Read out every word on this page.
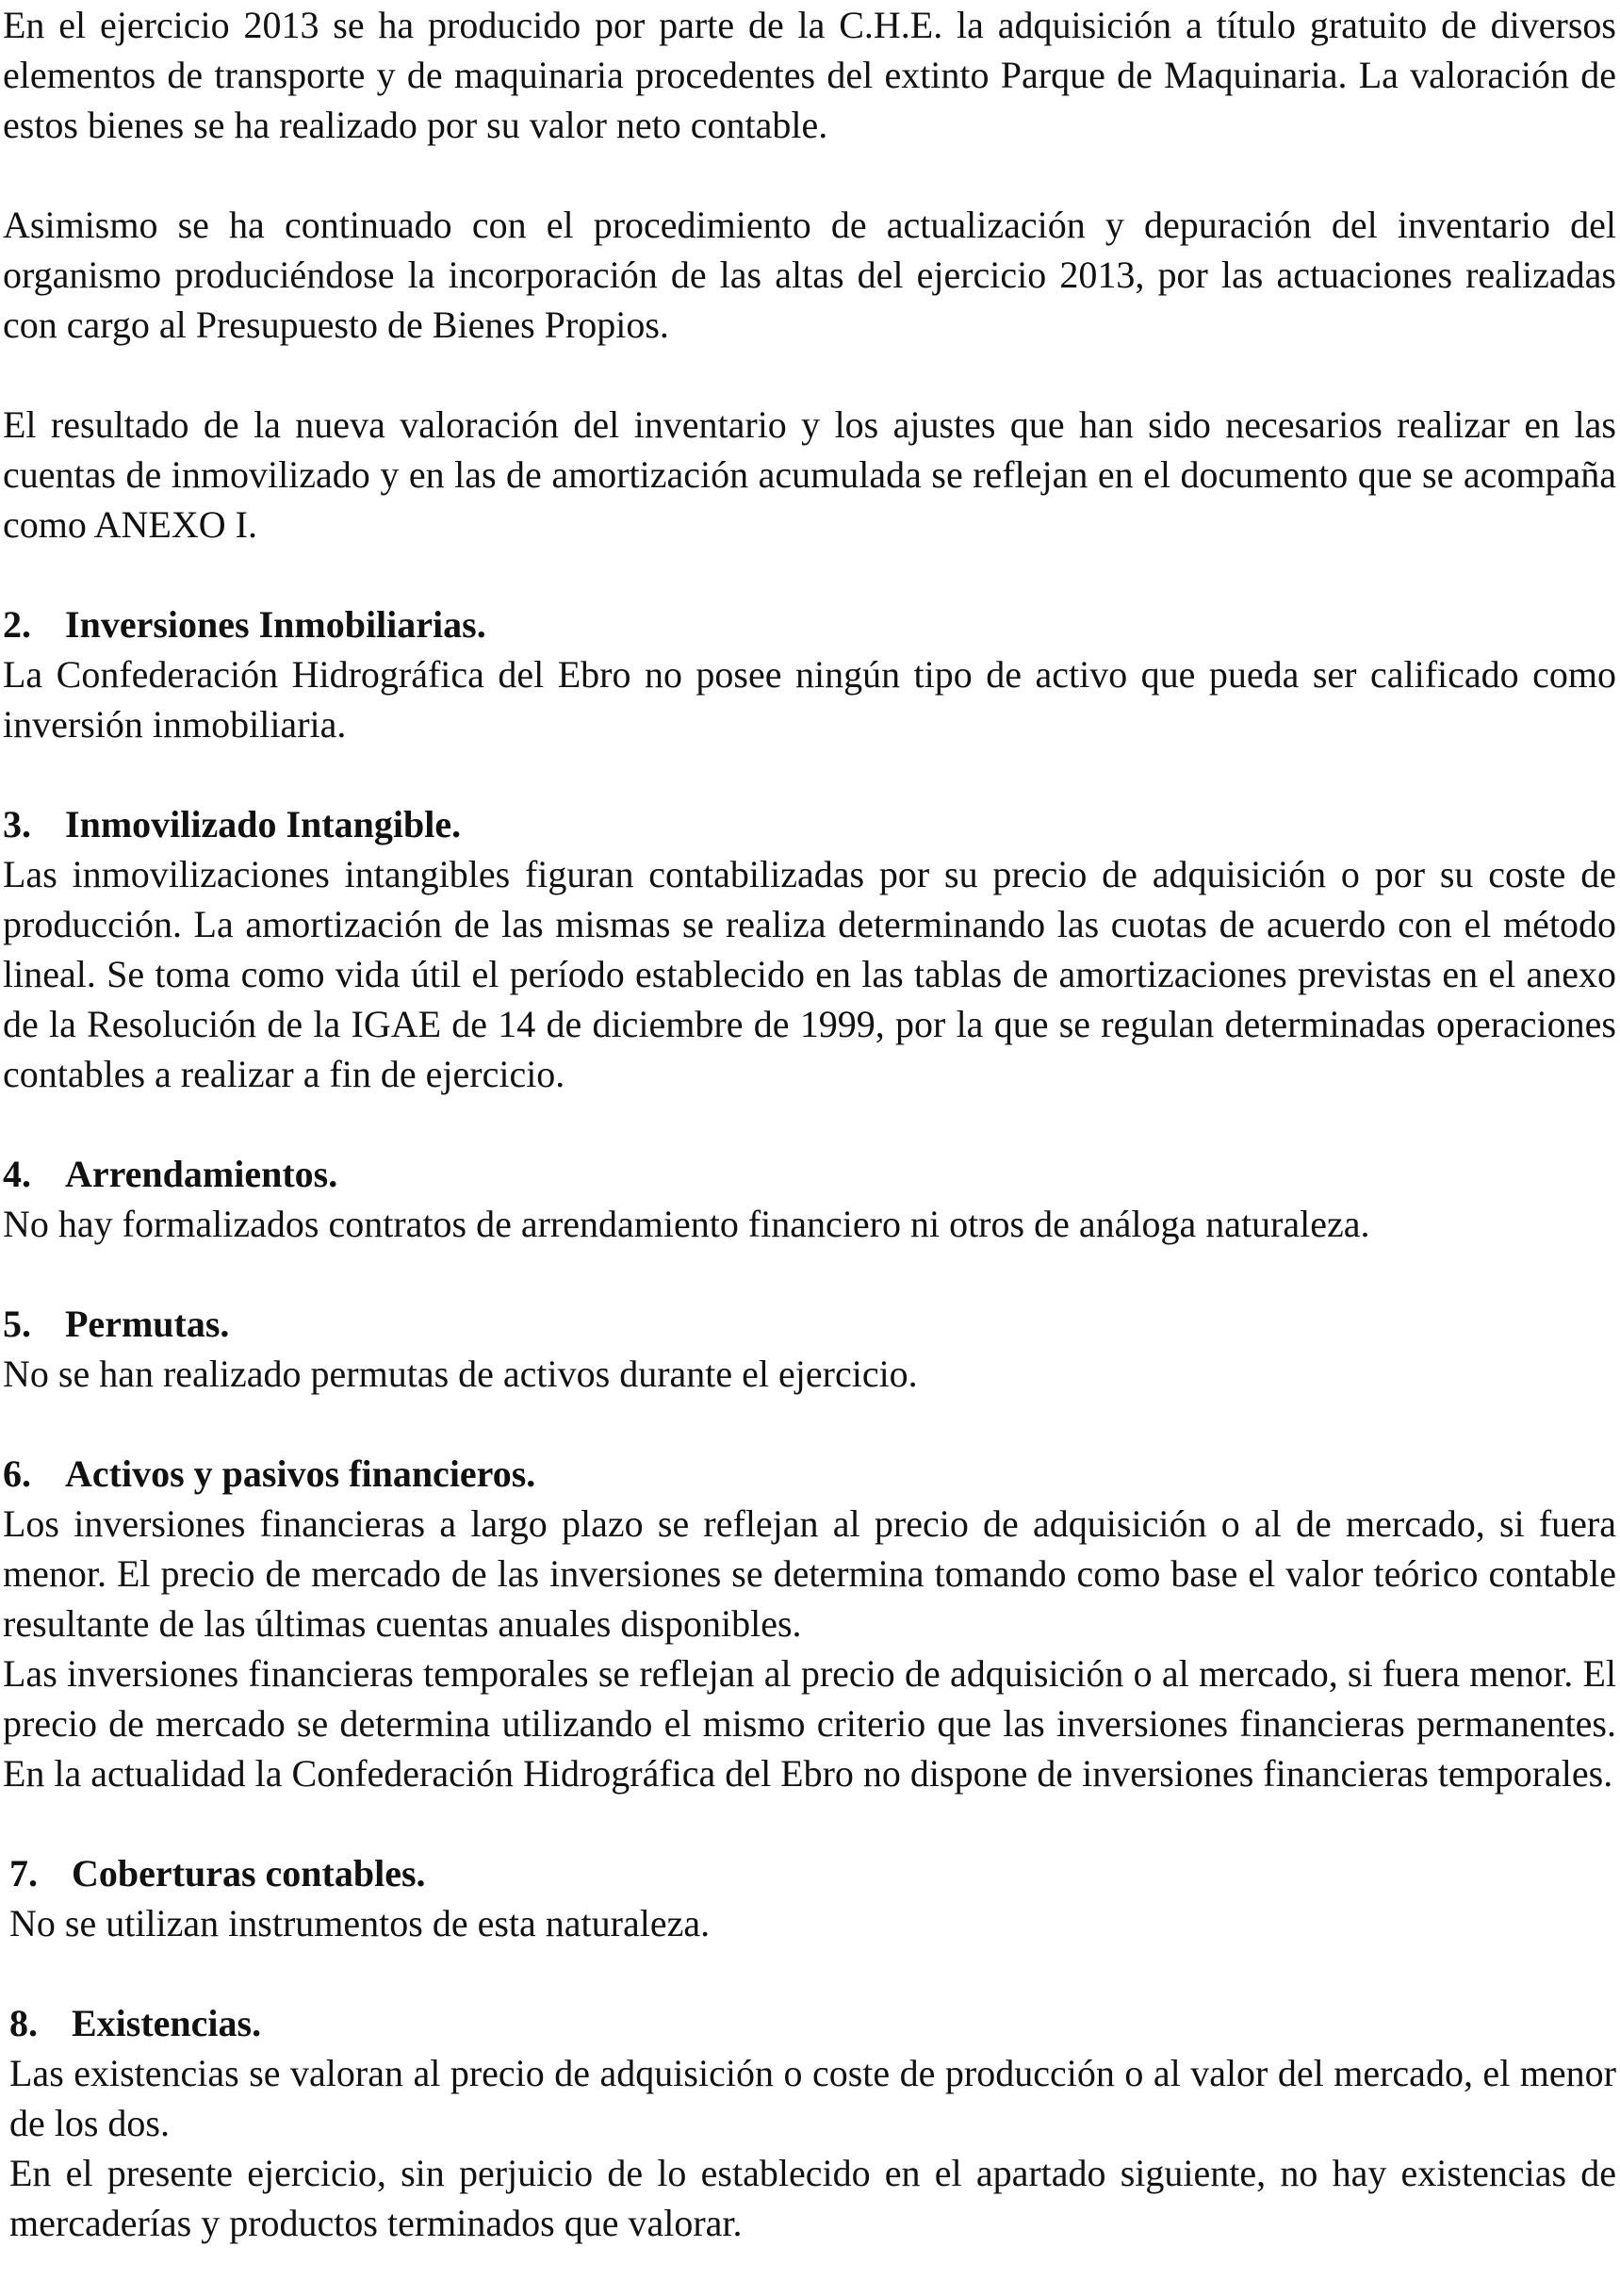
En el ejercicio 2013 se ha producido por parte de la C.H.E. la adquisición a título gratuito de diversos elementos de transporte y de maquinaria procedentes del extinto Parque de Maquinaria. La valoración de estos bienes se ha realizado por su valor neto contable.

Asimismo se ha continuado con el procedimiento de actualización y depuración del inventario del organismo produciéndose la incorporación de las altas del ejercicio 2013, por las actuaciones realizadas con cargo al Presupuesto de Bienes Propios.

El resultado de la nueva valoración del inventario y los ajustes que han sido necesarios realizar en las cuentas de inmovilizado y en las de amortización acumulada se reflejan en el documento que se acompaña como ANEXO I.

2. Inversiones Inmobiliarias.

La Confederación Hidrográfica del Ebro no posee ningún tipo de activo que pueda ser calificado como inversión inmobiliaria.

3. Inmovilizado Intangible.

Las inmovilizaciones intangibles figuran contabilizadas por su precio de adquisición o por su coste de producción. La amortización de las mismas se realiza determinando las cuotas de acuerdo con el método lineal. Se toma como vida útil el período establecido en las tablas de amortizaciones previstas en el anexo de la Resolución de la IGAE de 14 de diciembre de 1999, por la que se regulan determinadas operaciones contables a realizar a fin de ejercicio.

4. Arrendamientos.

No hay formalizados contratos de arrendamiento financiero ni otros de análoga naturaleza.

5. Permutas.

No se han realizado permutas de activos durante el ejercicio.

6. Activos y pasivos financieros.

Los inversiones financieras a largo plazo se reflejan al precio de adquisición o al de mercado, si fuera menor. El precio de mercado de las inversiones se determina tomando como base el valor teórico contable resultante de las últimas cuentas anuales disponibles.

Las inversiones financieras temporales se reflejan al precio de adquisición o al mercado, si fuera menor. El precio de mercado se determina utilizando el mismo criterio que las inversiones financieras permanentes. En la actualidad la Confederación Hidrográfica del Ebro no dispone de inversiones financieras temporales.

7. Coberturas contables.

No se utilizan instrumentos de esta naturaleza.

8. Existencias.

Las existencias se valoran al precio de adquisición o coste de producción o al valor del mercado, el menor de los dos.

En el presente ejercicio, sin perjuicio de lo establecido en el apartado siguiente, no hay existencias de mercaderías y productos terminados que valorar.
